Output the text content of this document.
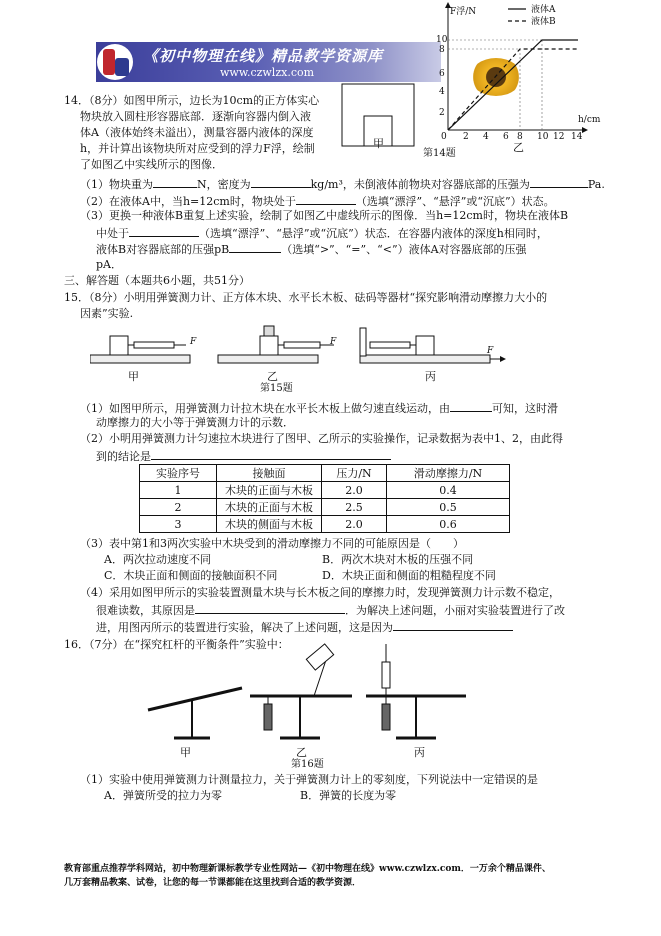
《初中物理在线》精品教学资源库
www.czwlzx.com
甲
第14题
F浮/N
h/cm
液体A
液体B
10
8
6
4
2
0 2 4 6 8 10 12 14
乙
14．（8分）如图甲所示，边长为10cm的正方体实心
物块放入圆柱形容器底部．逐渐向容器内倒入液
体A（液体始终未溢出），测量容器内液体的深度
h，并计算出该物块所对应受到的浮力F浮，绘制
了如图乙中实线所示的图像．
（1）物块重为	N，密度为	kg/m³，未倒液体前物块对容器底部的压强为	Pa.
（2）在液体A中，当h=12cm时，物块处于	（选填“漂浮”、“悬浮”或“沉底”）状态。
（3）更换一种液体B重复上述实验，绘制了如图乙中虚线所示的图像．当h=12cm时，物块在液体B
中处于	（选填“漂浮”、“悬浮”或“沉底”）状态．在容器内液体的深度h相同时，
液体B对容器底部的压强pB	（选填“>”、“=”、“<”）液体A对容器底部的压强
pA．
三、解答题（本题共6小题，共51分）
15．（8分）小明用弹簧测力计、正方体木块、水平长木板、砝码等器材“探究影响滑动摩擦力大小的
因素”实验.
F	F
F
甲	乙	丙
第15题
（1）如图甲所示，用弹簧测力计拉木块在水平长木板上做匀速直线运动，由	可知，这时滑
动摩擦力的大小等于弹簧测力计的示数．
（2）小明用弹簧测力计匀速拉木块进行了图甲、乙所示的实验操作，记录数据为表中1、2，由此得
到的结论是
实验序号	接触面	压力/N	滑动摩擦力/N
1	木块的正面与木板	2.0	0.4
2	木块的正面与木板	2.5	0.5
3	木块的侧面与木板	2.0	0.6
（3）表中第1和3两次实验中木块受到的滑动摩擦力不同的可能原因是（　　）
A．两次拉动速度不同	B．两次木块对木板的压强不同
C．木块正面和侧面的接触面积不同	D．木块正面和侧面的粗糙程度不同
（4）采用如图甲所示的实验装置测量木块与长木板之间的摩擦力时，发现弹簧测力计示数不稳定，
很难读数，其原因是	．为解决上述问题，小丽对实验装置进行了改
进，用图丙所示的装置进行实验，解决了上述问题，这是因为
16．（7分）在“探究杠杆的平衡条件”实验中：
甲	乙	丙
第16题
（1）实验中使用弹簧测力计测量拉力，关于弹簧测力计上的零刻度，下列说法中一定错误的是
A．弹簧所受的拉力为零	B．弹簧的长度为零
教育部重点推荐学科网站，初中物理新课标教学专业性网站—《初中物理在线》www.czwlzx.com．一万余个精品课件、
几万套精品教案、试卷，让您的每一节课都能在这里找到合适的教学资源．
